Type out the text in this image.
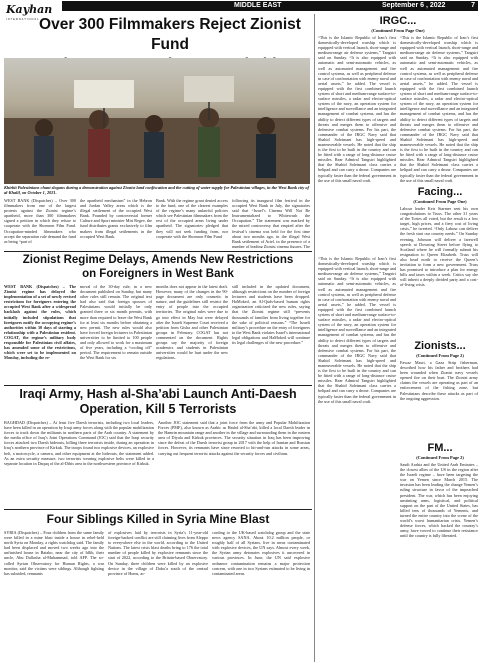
Kayhan
INTERNATIONAL
MIDDLE EAST	September 6 , 2022	7
Over 300 Filmmakers Reject Zionist Fund
Khirbit Palestinians chant slogans during a demonstration against Zionist land confiscation and the cutting of water supply for Palestinian villages, in the West Bank city of al-Khalil, on October 1, 2021.
WEST BANK (Dispatches) – Over 300 filmmakers from one of the largest protests against the Zionist regime’s apartheid, more than 300 filmmakers signed a petition in which they refuse to cooperate with the Shomron Film Fund. Occupation-minded filmmakers who accept the separation rule demand the fund as being “part of
the apartheid mechanism” in the Hebron and Jordan Valley areas which is the illegal settlement of the occupied West Bank. Founded by controversial former Culture and Sport minister Miri Regev, the fund distributes grants exclusively to film makers from illegal settlements in the occupied West Bank.
Bank. With the regime grant denied access to the fund, one of the clearest examples of the regime’s many unlawful policies which see Palestinian filmmakers from the rest of the occupied areas living under apartheid. The signatories pledged that they will not seek funding from, nor cooperate with the Shomron Film Fund
following its inaugural film festival in the occupied West Bank in July, the signatories said that “Israel’s Cinema Will Not Be Instrumentalized to Whitewash the Occupation.” The statement was marked by the mixed controversy that erupted after the festival’s cinema was held for the first time about two months ago, in the illegal West Bank settlement of Ariel, in the presence of a number of leading Zionist cinema figures. The
IRGC...
(Continued From Page One)
“This is the Islamic Republic of Iran’s first domestically-developed warship which is equipped with vertical launch, short-range and medium-range air defense systems,” Tangsiri said on Sunday. “It is also equipped with automatic and semi-automatic vehicles, as well as automated management and fire control systems, as well as peripheral defense in case of confrontation with enemy naval and aerial assets,” he added. The vessel is equipped with the first combined launch system of short and medium-range surface-to-surface missiles, a radar and electro-optical system of the navy, an operation system for intelligence and surveillance and an integrated management of combat systems, and has the ability to detect different types of targets and threats and merges them to offensive and defensive combat systems. For his part, the commander of the IRGC Navy said that Shahid Soleimani has high-speed and maneuverable vessels. He noted that the ship is the first to be built in the country and can be fitted with a range of long-distance cruise missiles. Rear Admiral Tangsiri highlighted that the Shahid Soleimani class carries a helipad and can carry a drone. Companies are typically faster than the federal government in the use of this small naval craft.
Facing...
(Continued From Page One)
Labour leader Keir Starmer sent his own congratulations to Truss. The other 31 years of the Tories all voted, but the result is a low target, high prices, and a fiery cost of living crisis,” he tweeted. “Only Labour can deliver the fresh start our country needs.” On Sunday evening, Johnson will deliver a farewell speech at Downing Street before flying to Scotland where he will formally submit his resignation to Queen Elizabeth. Truss will also head north to receive the Queen’s invitation to form a new government. Truss has promised to introduce a plan for energy bills and taxes within a week. Critics say she will inherit a deeply divided party and a cost-of-living crisis.
“This is the Islamic Republic of Iran’s first domestically-developed warship which is equipped with vertical launch, short-range and medium-range air defense systems,” Tangsiri said on Sunday. “It is also equipped with automatic and semi-automatic vehicles, as well as automated management and fire control systems, as well as peripheral defense in case of confrontation with enemy naval and aerial assets,” he added. The vessel is equipped with the first combined launch system of short and medium-range surface-to-surface missiles, a radar and electro-optical system of the navy, an operation system for intelligence and surveillance and an integrated management of combat systems, and has the ability to detect different types of targets and threats and merges them to offensive and defensive combat systems. For his part, the commander of the IRGC Navy said that Shahid Soleimani has high-speed and maneuverable vessels. He noted that the ship is the first to be built in the country and can be fitted with a range of long-distance cruise missiles. Rear Admiral Tangsiri highlighted that the Shahid Soleimani class carries a helipad and can carry a drone. Companies are typically faster than the federal government in the use of this small naval craft.
Zionists...
(Continued From Page 2)
Fawaz Masri, a Gaza Strip fisherman, described how his father and brothers had been wounded when Zionist navy vessels opened fire on their boat. The Zionist army claims the vessels are operating as part of an enforcement of the fishing zone, but Palestinians describe these attacks as part of the ongoing aggression.
FM...
(Continued From Page 2)
Saudi Arabia and the United Arab Emirates – the closest allies of the US in the region after the Israeli regime – have been targeting the war on Yemen since March 2015. The invasion has been leading the change Yemen’s ruling structure in favor of the impeached president. The war, which has been enjoying unstinting arms, logistical, and political support on the part of the United States, has killed tens of thousands of Yemenis, and turned the entire country into the scene of the world’s worst humanitarian crisis. Yemen’s defense forces, which backed the country’s army, have vowed to continue their resistance until the country is fully liberated.
“This is the Islamic Republic of Iran’s first domestically-developed warship which is equipped with vertical launch, short-range and medium-range air defense systems,” Tangsiri said on Sunday. “It is also equipped with automatic and semi-automatic vehicles, as well as automated management and fire control systems, as well as peripheral defense in case of confrontation with enemy naval and aerial assets,” he added. The vessel is equipped with the first combined launch system of short and medium-range surface-to-surface missiles, a radar and electro-optical system of the navy, an operation system for intelligence and surveillance and an integrated management of combat systems, and has the ability to detect different types of targets and threats and merges them to offensive and defensive combat systems. For his part, the commander of the IRGC Navy said that Shahid Soleimani has high-speed and maneuverable vessels. He noted that the ship is the first to be built in the country and can be fitted with a range of long-distance cruise missiles. Rear Admiral Tangsiri highlighted that the Shahid Soleimani class carries a helipad and can carry a drone. Companies are typically faster than the federal government in the use of this small naval craft.
Zionist Regime Delays, Amends New Restrictions
on Foreigners in West Bank
WEST BANK (Dispatches) – The Zionist regime has delayed the implementation of a set of newly revised restrictions for foreigners entering the occupied West Bank after a widespread backlash against the rules, which initially included stipulations that foreigners notify the occupying regime’s authorities within 30 days of starting a relationship with a Palestinian resident. COGAT, the regime’s military body responsible for Palestinian civil affairs, has amended some of the restrictions, which were set to be implemented on Monday, including the re-
moval of the 30-day rule, in a new document published on Sunday, but many other rules still remain. The original text had also said that foreign spouses of Palestinians would initially be only granted three or six month permits, with more than required to leave the West Bank for at least six months before obtaining a new permit. The new rules would also have forced foreign lecturers in Palestinian universities to be limited to 100 people and only allowed to work for a maximum of five years, including a “cooling off” period. The requirement to remain outside the West Bank for six
months does not appear in the latest draft. However, many of the changes in the 90-page document are only cosmetic in nature, and the guidelines still restrict the entry of people into the occupied territories. The original rules were due to go into effect in May but were delayed after the Israeli Supreme Court received a petition from Gisha and other Palestinian groups in February. COGAT has not commented on the document. Rights groups say the majority of foreign academics and students in Palestinian universities would be hurt under the new regulations.
still included in the updated document, although restrictions on the number of foreign lecturers and students have been dropped. HaMoked, an Al-Quds-based human rights organization criticized the new rules, saying that the Zionist regime still “prevents thousands of families from living together for the sake of political reasons.” “The Israeli military’s procedure on the entry of foreigners to the West Bank violates Israel’s international legal obligations and HaMoked will continue its legal challenges of the new procedure.”
Iraqi Army, Hash al-Sha’abi Launch Anti-Daesh
Operation, Kill 5 Terrorists
BAGHDAD (Dispatches) – At least five Daesh terrorists, including two local leaders, have been killed in an operation by Iraqi army forces along with the popular mobilization forces to track down the militants in northern parts of the Arab country. A statement by the media office of Iraq’s Joint Operations Command (JOC) said that the Iraqi security forces attacked two Daesh hideouts, killing three terrorists inside, during an operation in Iraq’s northern province of Kirkuk. The troops found two explosive devices, an explosive belt, a motorcycle, a camera, and other equipment at the hideouts, the statement added. As an extra security measure, two terrorists wearing explosive belts were killed in a separate location in Daquq of the al-Dibis area in the northwestern province of Kirkuk.
Another JOC statement said that a joint force from the army and Popular Mobilization Forces (PMF), also known as Arabic as Hashd al-Sha’abi, killed a local Daesh leader in the Hamrin mountain range and another in the village and surrounding them in the eastern area of Diyala and Kirkuk provinces. The security situation in Iraq has been improving since the defeat of the Daesh terrorist group in 2017 with the help of Iranian and Russian forces. However, its remnants have since resorted to hit-and-run attacks in some areas, carrying out frequent terrorist attacks against the security forces and civilians.
Four Siblings Killed in Syria Mine Blast
SYRIA (Dispatches) – Four children from the same family were killed in a mine blast inside a house in rebel-held north Syria on Monday, a rights watchdog said. The family had been displaced and moved two weeks ago into the unfinished house in Batabo, near the city of Idlib, their uncle, Abu Dallasha al-Muhammad, told AFP. The so-called Syrian Observatory for Human Rights, a war monitor, said the victims were siblings. Although fighting has subsided, remnants
of explosives laid by terrorists in Syria’s 11-year-old foreign-backed conflict are still claiming lives from Aleppo to everywhere else in the world, according to the United Nations. The latest crisis blast deaths bring to 176 the total number of people killed by explosive remnants since the start of 2022, according to the Britain-based Observatory. On Sunday, three children were killed by an explosive device in the village of Daba’a south of the central province of Homs, ac-
cording to the UK-based watchdog group and the state news agency SANA. About 10.2 million people, or roughly half of all Syrians, live in areas contaminated with explosive devices, the UN says. Almost every week, the Syrian army detonates explosives it uncovered in various provinces. In June, the UN said explosive ordnance contamination remains a major protection concern, with one in two Syrians estimated to be living in contaminated areas.
